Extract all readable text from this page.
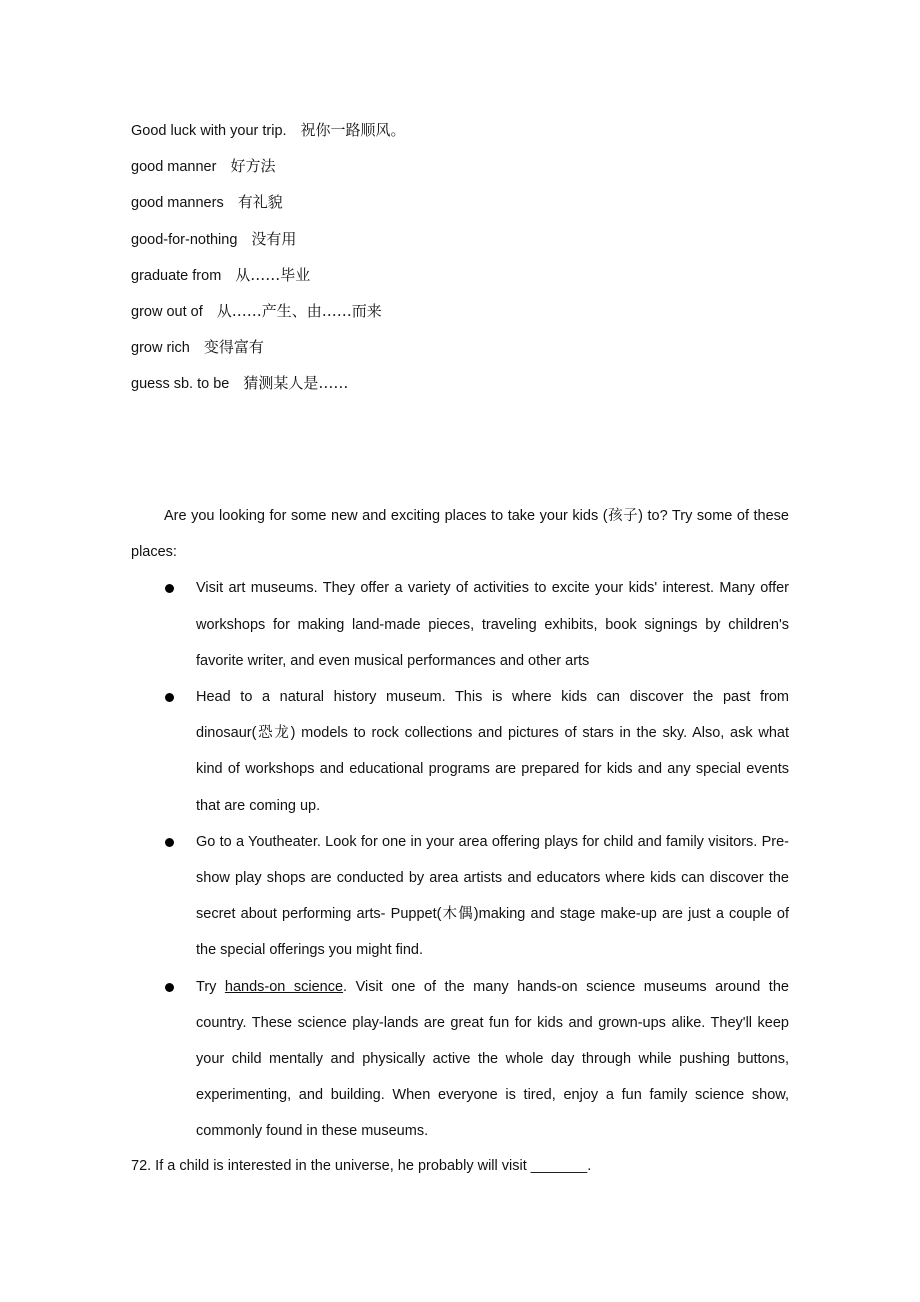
Good luck with your trip. 祝你一路顺风。
good manner 好方法
good manners 有礼貌
good-for-nothing 没有用
graduate from 从……毕业
grow out of 从……产生、由……而来
grow rich 变得富有
guess sb. to be 猜测某人是……

Are you looking for some new and exciting places to take your kids (孩子) to? Try some of these places:

Visit art museums. They offer a variety of activities to excite your kids' interest. Many offer workshops for making land-made pieces, traveling exhibits, book signings by children's favorite writer, and even musical performances and other arts
Head to a natural history museum. This is where kids can discover the past from dinosaur(恐龙) models to rock collections and pictures of stars in the sky. Also, ask what kind of workshops and educational programs are prepared for kids and any special events that are coming up.
Go to a Youtheater. Look for one in your area offering plays for child and family visitors. Pre-show play shops are conducted by area artists and educators where kids can discover the secret about performing arts- Puppet(木偶)making and stage make-up are just a couple of the special offerings you might find.
Try hands-on science. Visit one of the many hands-on science museums around the country. These science play-lands are great fun for kids and grown-ups alike. They'll keep your child mentally and physically active the whole day through while pushing buttons, experimenting, and building. When everyone is tired, enjoy a fun family science show, commonly found in these museums.
72. If a child is interested in the universe, he probably will visit _______.
